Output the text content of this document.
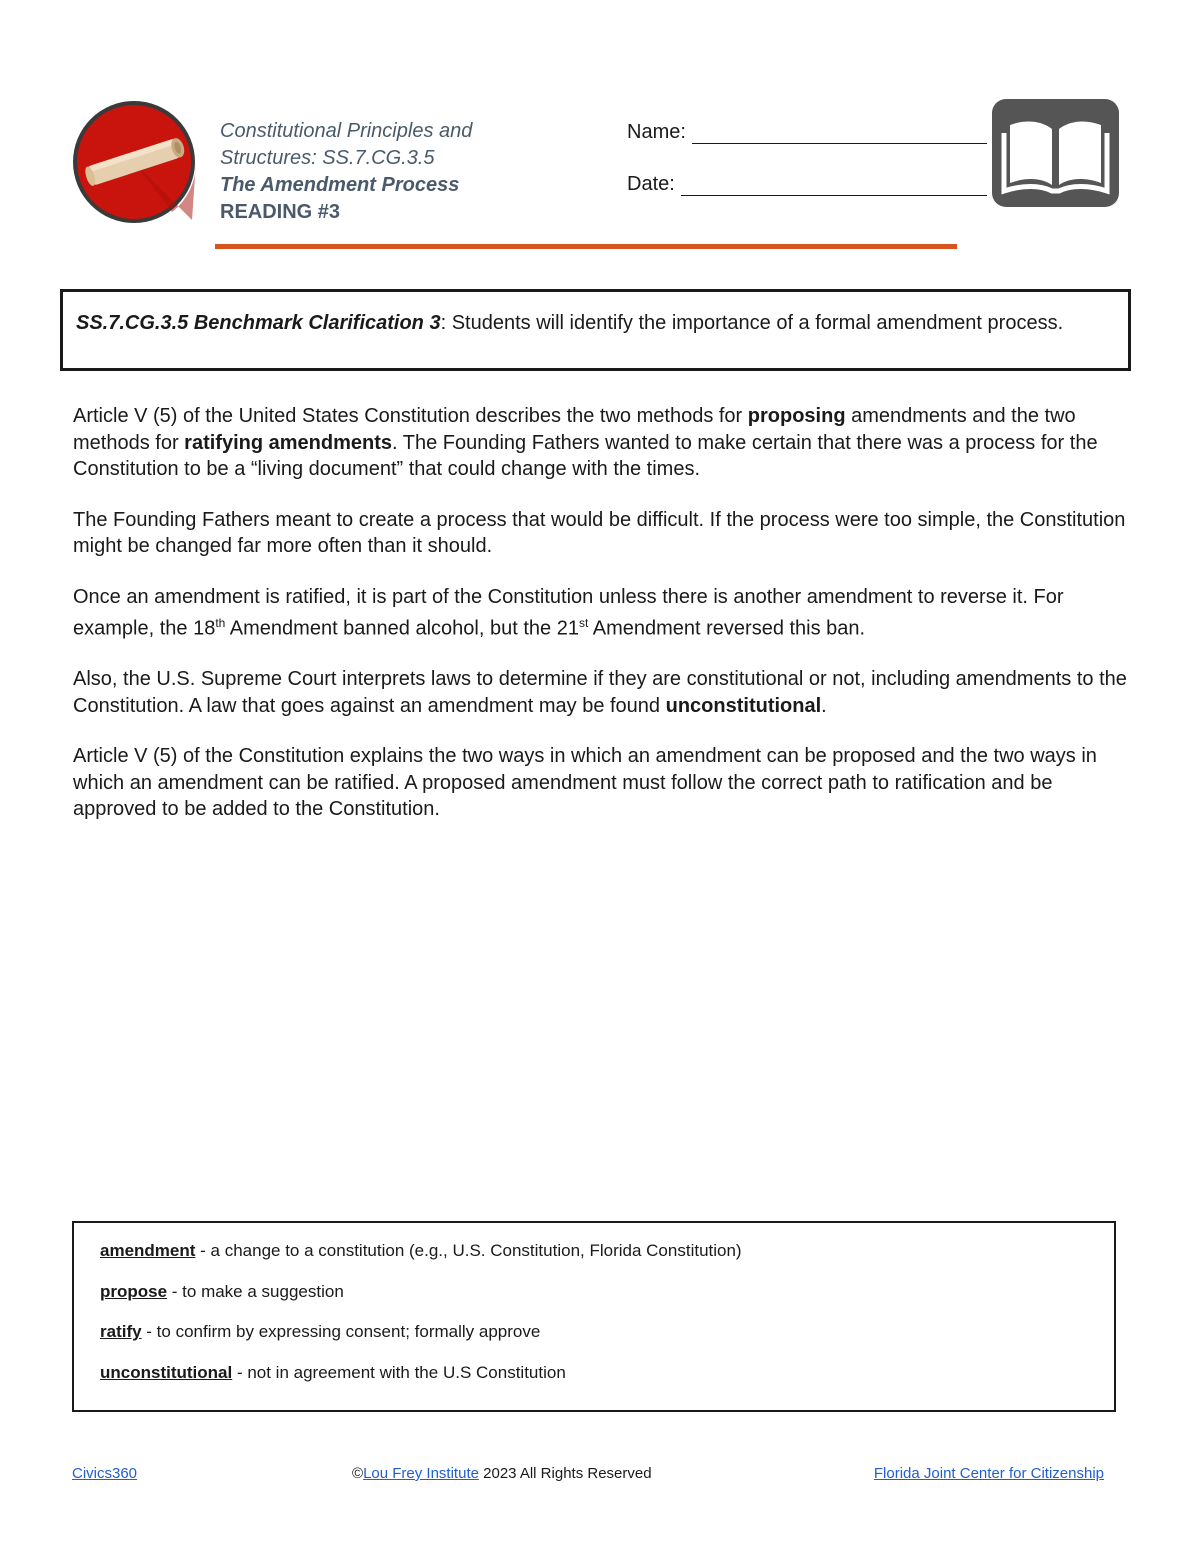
Constitutional Principles and
Structures: SS.7.CG.3.5
The Amendment Process
READING #3
Name:
Date:
SS.7.CG.3.5 Benchmark Clarification 3: Students will identify the importance of a formal amendment process.

Article V (5) of the United States Constitution describes the two methods for proposing amendments and the two methods for ratifying amendments. The Founding Fathers wanted to make certain that there was a process for the Constitution to be a “living document” that could change with the times.

The Founding Fathers meant to create a process that would be difficult. If the process were too simple, the Constitution might be changed far more often than it should.

Once an amendment is ratified, it is part of the Constitution unless there is another amendment to reverse it. For example, the 18th Amendment banned alcohol, but the 21st Amendment reversed this ban.

Also, the U.S. Supreme Court interprets laws to determine if they are constitutional or not, including amendments to the Constitution. A law that goes against an amendment may be found unconstitutional.

Article V (5) of the Constitution explains the two ways in which an amendment can be proposed and the two ways in which an amendment can be ratified. A proposed amendment must follow the correct path to ratification and be approved to be added to the Constitution.

amendment - a change to a constitution (e.g., U.S. Constitution, Florida Constitution)
propose - to make a suggestion
ratify - to confirm by expressing consent; formally approve
unconstitutional - not in agreement with the U.S Constitution
Civics360	©Lou Frey Institute 2023 All Rights Reserved	Florida Joint Center for Citizenship
